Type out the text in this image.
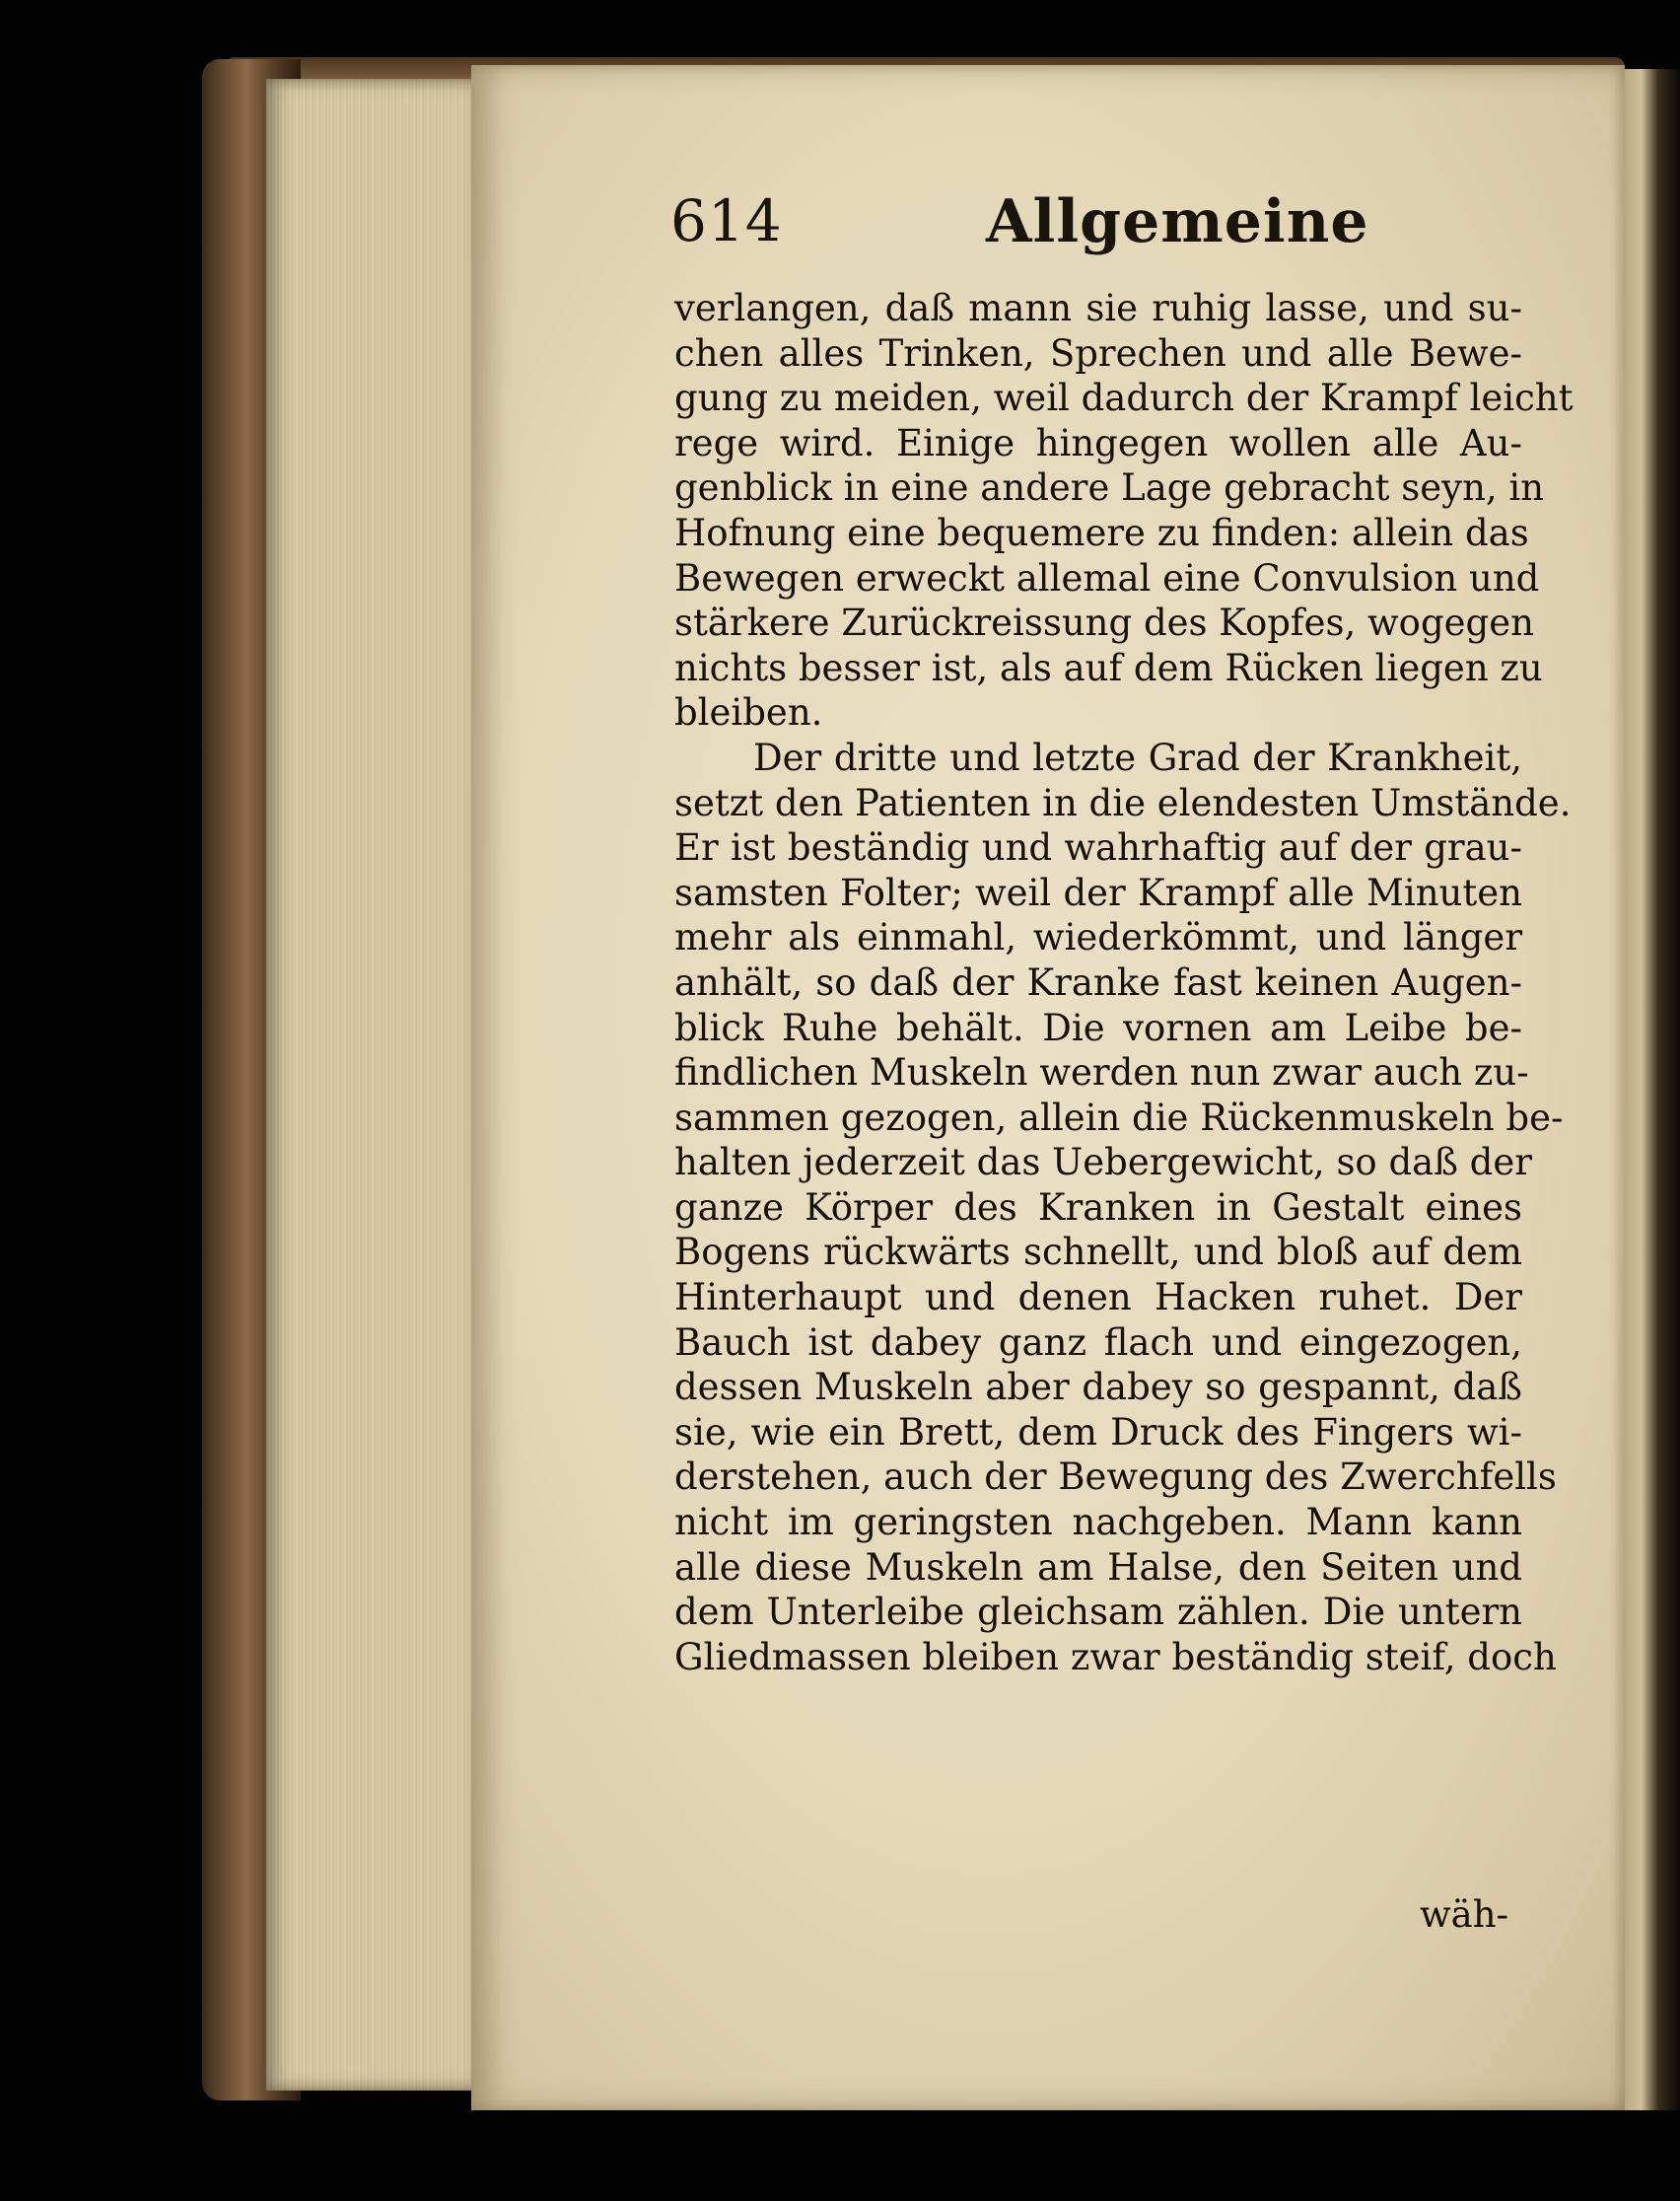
614	Allgemeine
verlangen, daß mann sie ruhig lasse, und su-
chen alles Trinken, Sprechen und alle Bewe-
gung zu meiden, weil dadurch der Krampf leicht
rege wird. Einige hingegen wollen alle Au-
genblick in eine andere Lage gebracht seyn, in
Hofnung eine bequemere zu finden: allein das
Bewegen erweckt allemal eine Convulsion und
stärkere Zurückreissung des Kopfes, wogegen
nichts besser ist, als auf dem Rücken liegen zu
bleiben.
Der dritte und letzte Grad der Krankheit,
setzt den Patienten in die elendesten Umstände.
Er ist beständig und wahrhaftig auf der grau-
samsten Folter; weil der Krampf alle Minuten
mehr als einmahl, wiederkömmt, und länger
anhält, so daß der Kranke fast keinen Augen-
blick Ruhe behält. Die vornen am Leibe be-
findlichen Muskeln werden nun zwar auch zu-
sammen gezogen, allein die Rückenmuskeln be-
halten jederzeit das Uebergewicht, so daß der
ganze Körper des Kranken in Gestalt eines
Bogens rückwärts schnellt, und bloß auf dem
Hinterhaupt und denen Hacken ruhet. Der
Bauch ist dabey ganz flach und eingezogen,
dessen Muskeln aber dabey so gespannt, daß
sie, wie ein Brett, dem Druck des Fingers wi-
derstehen, auch der Bewegung des Zwerchfells
nicht im geringsten nachgeben. Mann kann
alle diese Muskeln am Halse, den Seiten und
dem Unterleibe gleichsam zählen. Die untern
Gliedmassen bleiben zwar beständig steif, doch
wäh-
